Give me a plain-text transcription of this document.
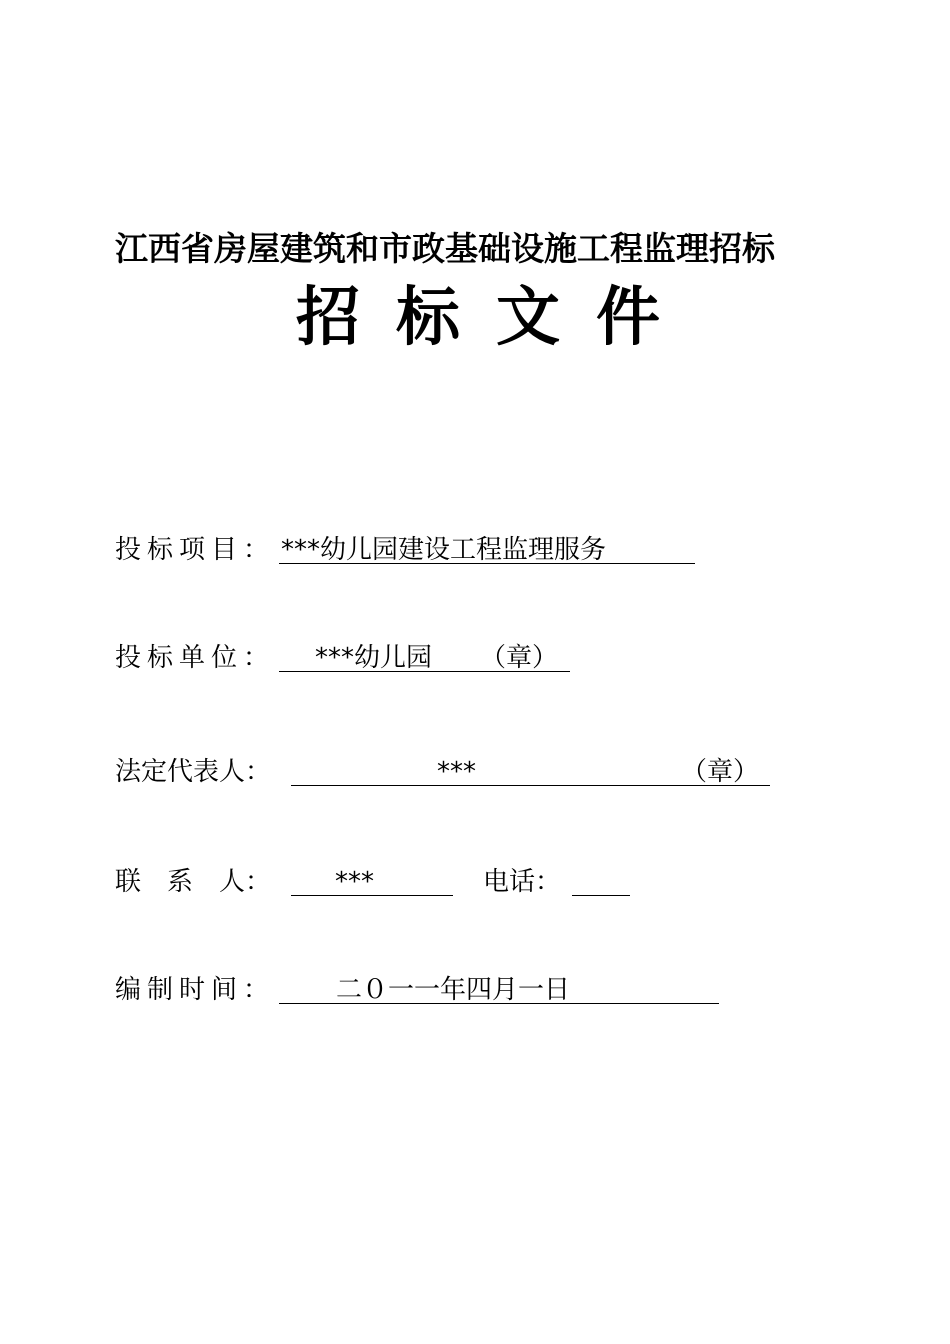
江西省房屋建筑和市政基础设施工程监理招标
招 标 文 件
投标项目： ***幼儿园建设工程监理服务
投标单位： ***幼儿园 （章）
法定代表人：	***	（章）
联　系　人： ***	电话：
编制时间： 二０一一年四月一日
